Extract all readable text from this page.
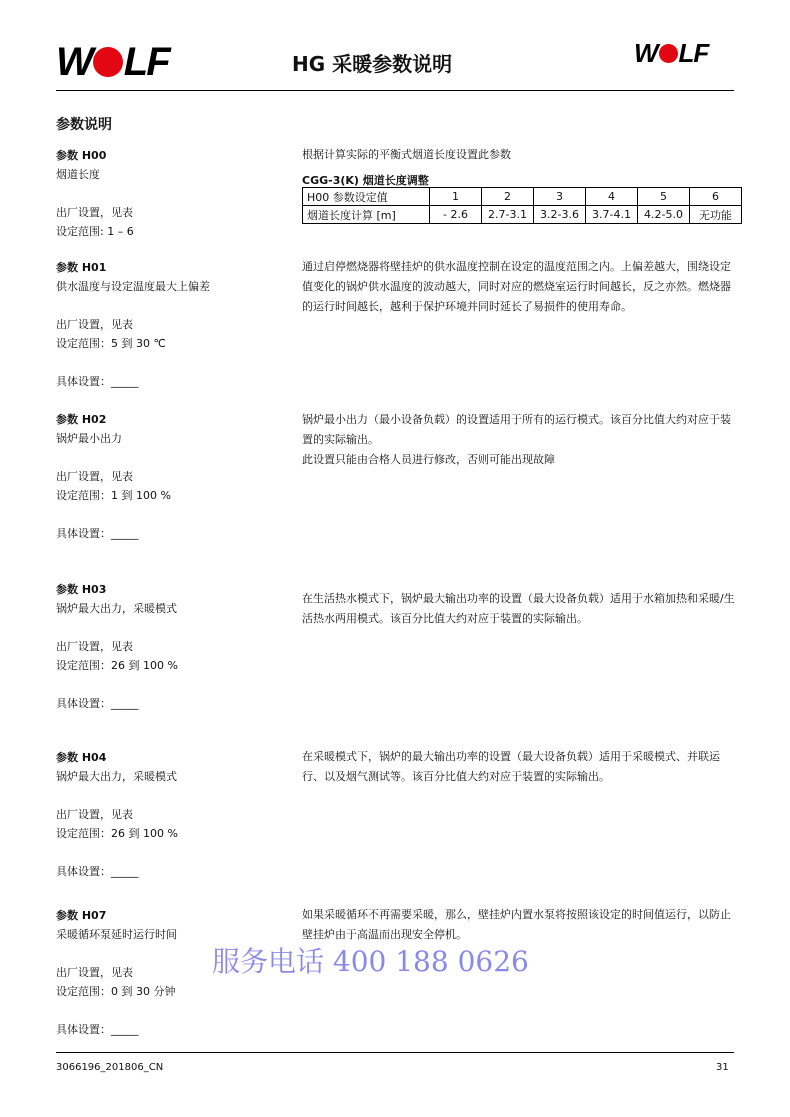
W LF	HG 采暖参数说明	W LF
参数说明
参数 H00
烟道长度
出厂设置，见表
设定范围: 1 – 6
根据计算实际的平衡式烟道长度设置此参数
CGG-3(K) 烟道长度调整
H00 参数设定值	1	2	3	4	5	6
烟道长度计算 [m]	- 2.6	2.7-3.1	3.2-3.6	3.7-4.1	4.2-5.0	无功能
参数 H01
供水温度与设定温度最大上偏差
出厂设置，见表
设定范围：5 到 30 ℃
具体设置：_____
通过启停燃烧器将壁挂炉的供水温度控制在设定的温度范围之内。上偏差越大，围绕设定值变化的锅炉供水温度的波动越大，同时对应的燃烧室运行时间越长，反之亦然。燃烧器的运行时间越长，越利于保护环境并同时延长了易损件的使用寿命。
参数 H02
锅炉最小出力
出厂设置，见表
设定范围：1 到 100 %
具体设置：_____
锅炉最小出力（最小设备负载）的设置适用于所有的运行模式。该百分比值大约对应于装置的实际输出。
此设置只能由合格人员进行修改，否则可能出现故障
参数 H03
锅炉最大出力，采暖模式
出厂设置，见表
设定范围：26 到 100 %
具体设置：_____
在生活热水模式下，锅炉最大输出功率的设置（最大设备负载）适用于水箱加热和采暖/生活热水两用模式。该百分比值大约对应于装置的实际输出。
参数 H04
锅炉最大出力，采暖模式
出厂设置，见表
设定范围：26 到 100 %
具体设置：_____
在采暖模式下，锅炉的最大输出功率的设置（最大设备负载）适用于采暖模式、并联运行、以及烟气测试等。该百分比值大约对应于装置的实际输出。
参数 H07
采暖循环泵延时运行时间
出厂设置，见表
设定范围：0 到 30 分钟
具体设置：_____
如果采暖循环不再需要采暖，那么，壁挂炉内置水泵将按照该设定的时间值运行，以防止壁挂炉由于高温而出现安全停机。
服务电话 400 188 0626
3066196_201806_CN	31
